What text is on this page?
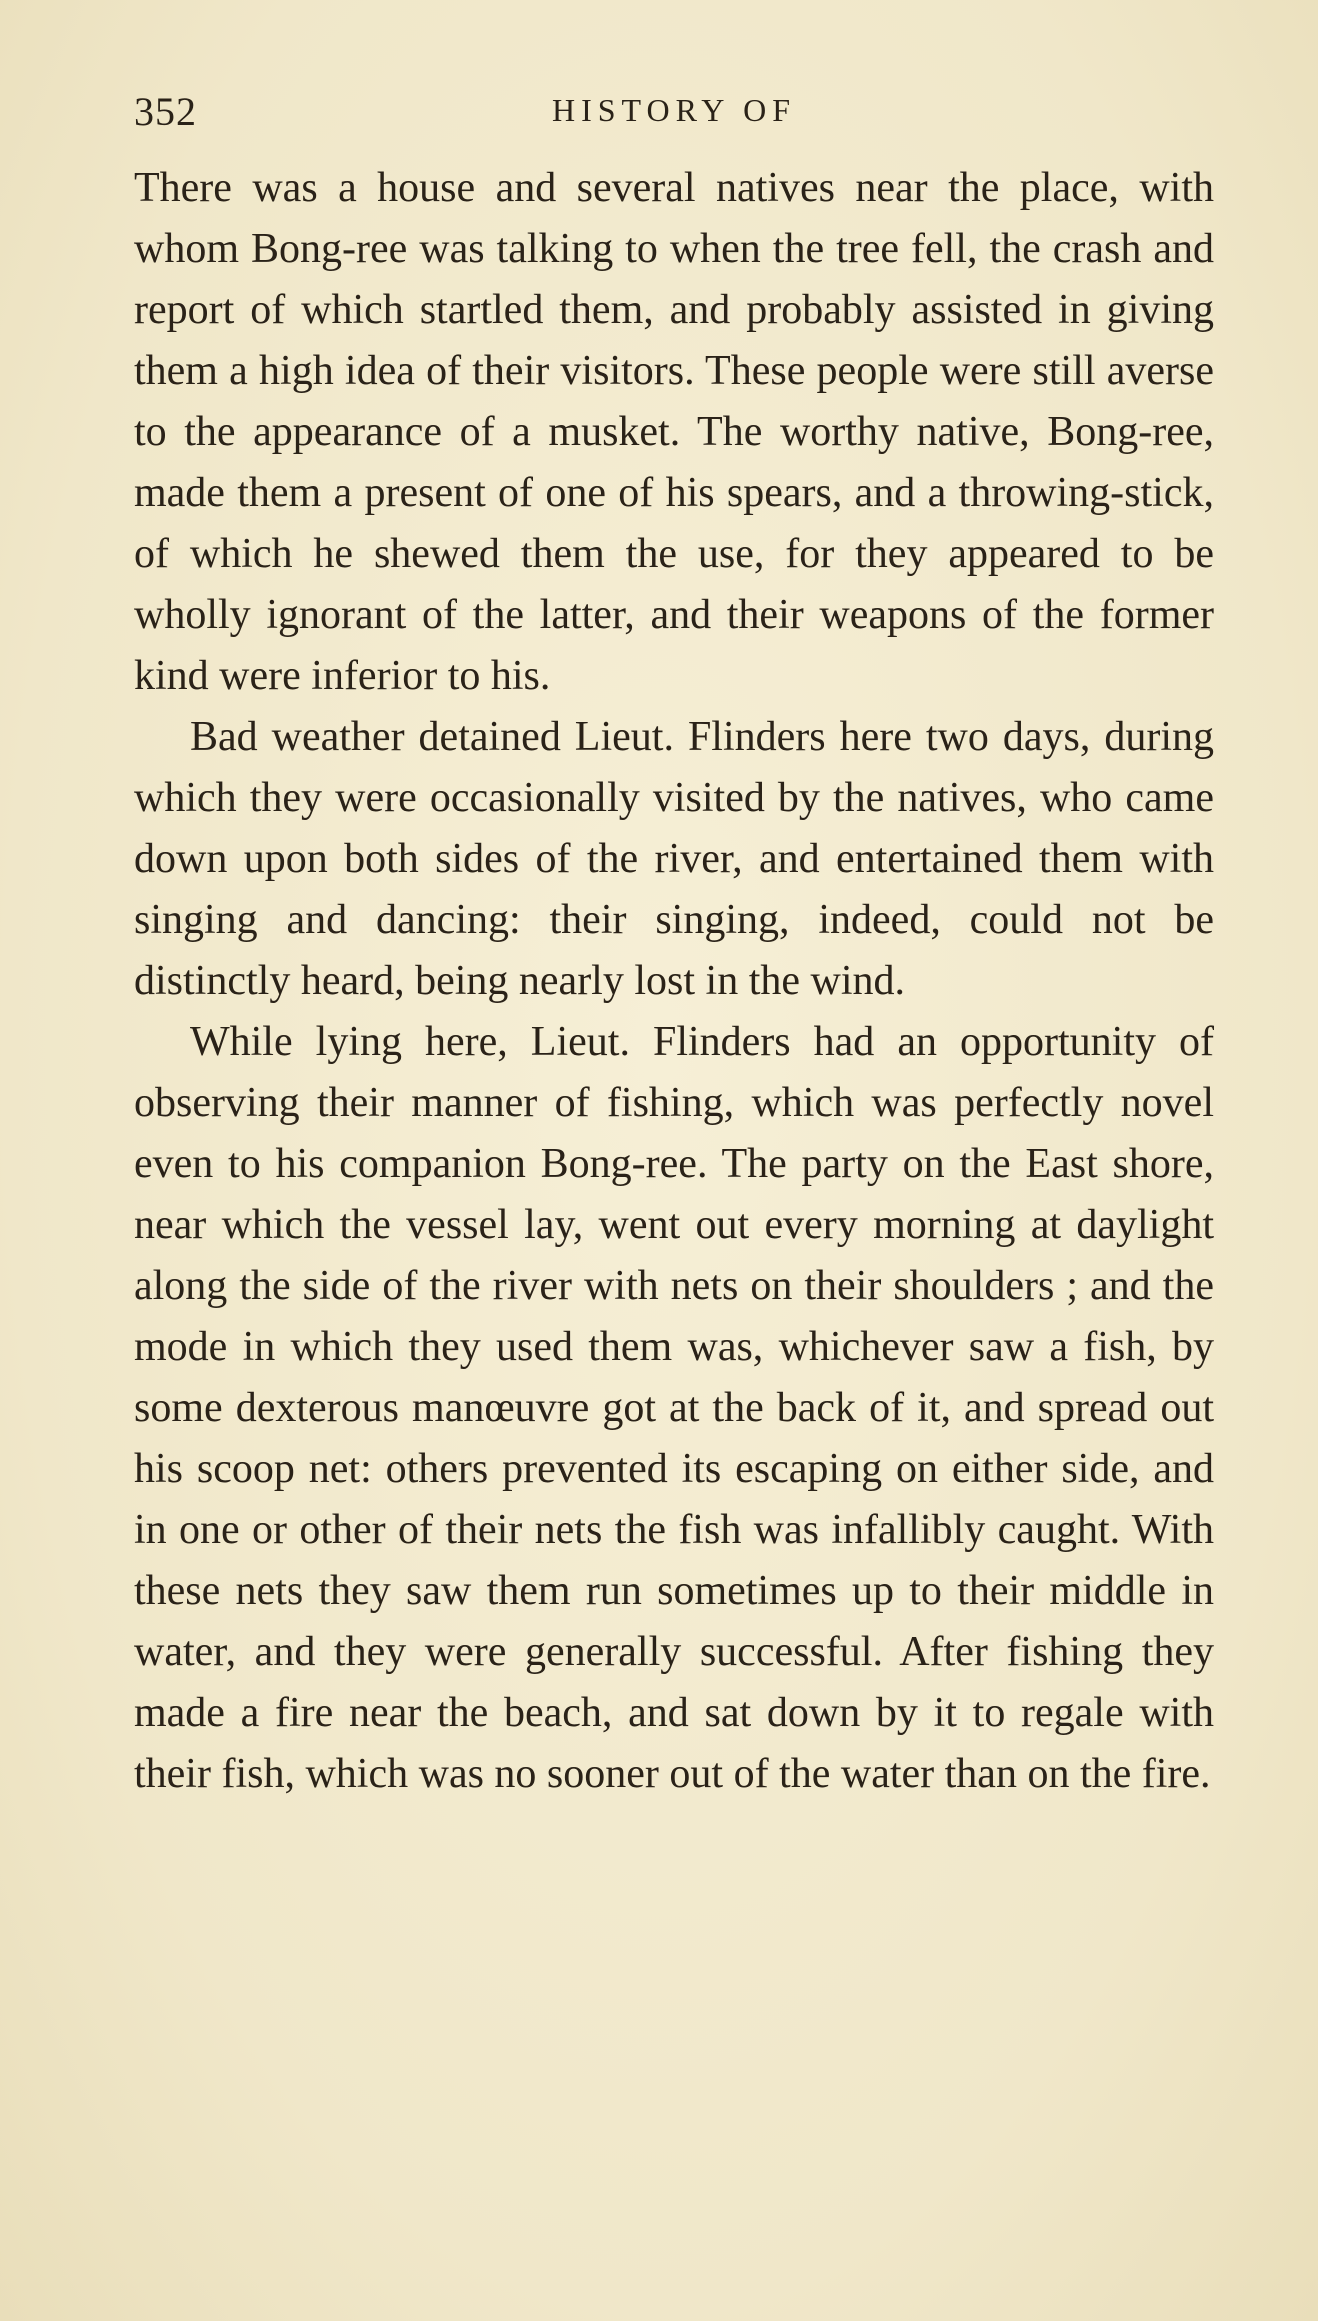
352	HISTORY OF

There was a house and several natives near the place, with whom Bong-ree was talking to when the tree fell, the crash and report of which startled them, and probably assisted in giving them a high idea of their visitors. These people were still averse to the appearance of a musket. The worthy native, Bong-ree, made them a present of one of his spears, and a throwing-stick, of which he shewed them the use, for they appeared to be wholly ignorant of the latter, and their weapons of the former kind were inferior to his.

Bad weather detained Lieut. Flinders here two days, during which they were occasionally visited by the natives, who came down upon both sides of the river, and entertained them with singing and dancing: their singing, indeed, could not be distinctly heard, being nearly lost in the wind.

While lying here, Lieut. Flinders had an opportunity of observing their manner of fishing, which was perfectly novel even to his companion Bong-ree. The party on the East shore, near which the vessel lay, went out every morning at daylight along the side of the river with nets on their shoulders ; and the mode in which they used them was, whichever saw a fish, by some dexterous manœuvre got at the back of it, and spread out his scoop net: others prevented its escaping on either side, and in one or other of their nets the fish was infallibly caught. With these nets they saw them run sometimes up to their middle in water, and they were generally successful. After fishing they made a fire near the beach, and sat down by it to regale with their fish, which was no sooner out of the water than on the fire.
